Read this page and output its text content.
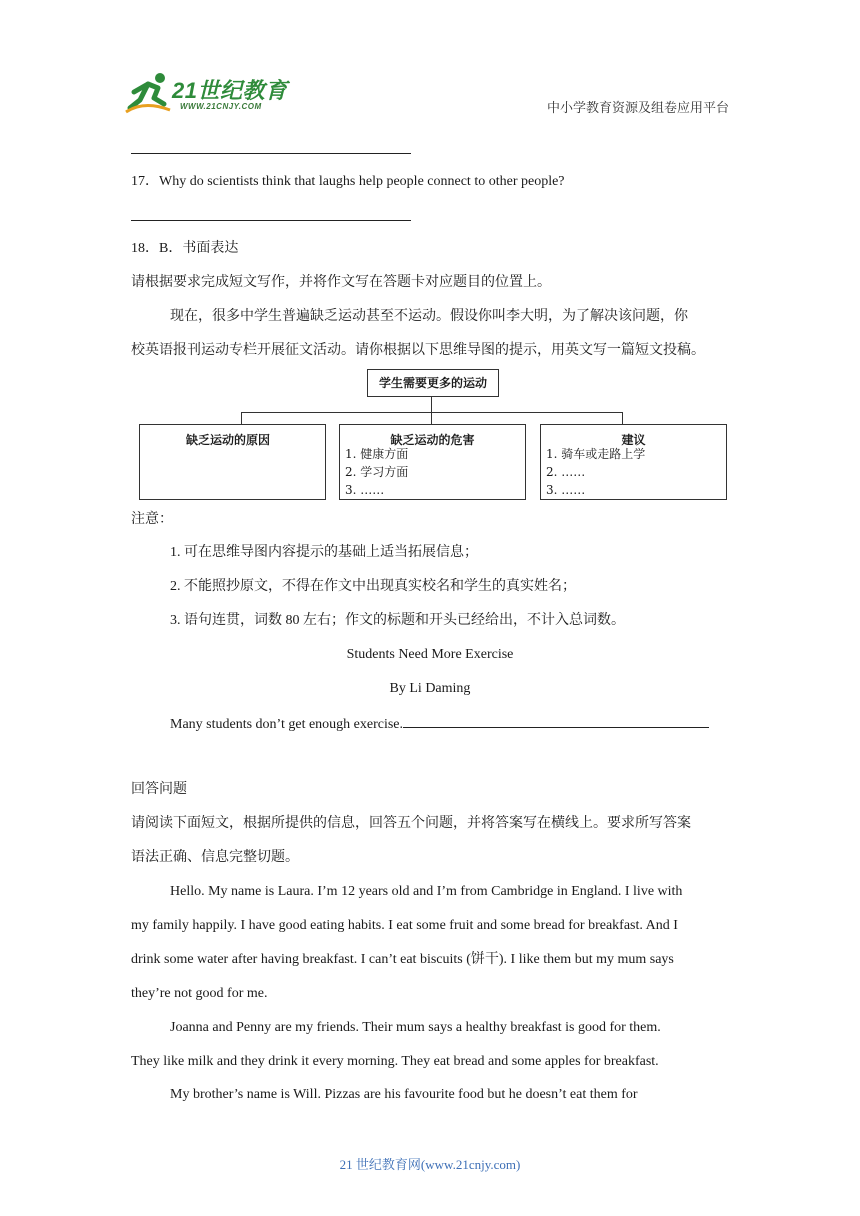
21世纪教育
WWW.21CNJY.COM	中小学教育资源及组卷应用平台
17．Why do scientists think that laughs help people connect to other people?
18．B．书面表达
请根据要求完成短文写作，并将作文写在答题卡对应题目的位置上。
现在，很多中学生普遍缺乏运动甚至不运动。假设你叫李大明，为了解决该问题，你
校英语报刊运动专栏开展征文活动。请你根据以下思维导图的提示，用英文写一篇短文投稿。
学生需要更多的运动
缺乏运动的原因	缺乏运动的危害
1. 健康方面
2. 学习方面
3. ……
建议
1. 骑车或走路上学
2. ……
3. ……
注意：
1. 可在思维导图内容提示的基础上适当拓展信息；
2. 不能照抄原文，不得在作文中出现真实校名和学生的真实姓名；
3. 语句连贯，词数 80 左右；作文的标题和开头已经给出，不计入总词数。
Students Need More Exercise
By Li Daming
Many students don’t get enough exercise.
回答问题
请阅读下面短文，根据所提供的信息，回答五个问题，并将答案写在横线上。要求所写答案
语法正确、信息完整切题。
Hello. My name is Laura. I’m 12 years old and I’m from Cambridge in England. I live with
my family happily. I have good eating habits. I eat some fruit and some bread for breakfast. And I
drink some water after having breakfast. I can’t eat biscuits (饼干). I like them but my mum says
they’re not good for me.
Joanna and Penny are my friends. Their mum says a healthy breakfast is good for them.
They like milk and they drink it every morning. They eat bread and some apples for breakfast.
My brother’s name is Will. Pizzas are his favourite food but he doesn’t eat them for
21 世纪教育网(www.21cnjy.com)
